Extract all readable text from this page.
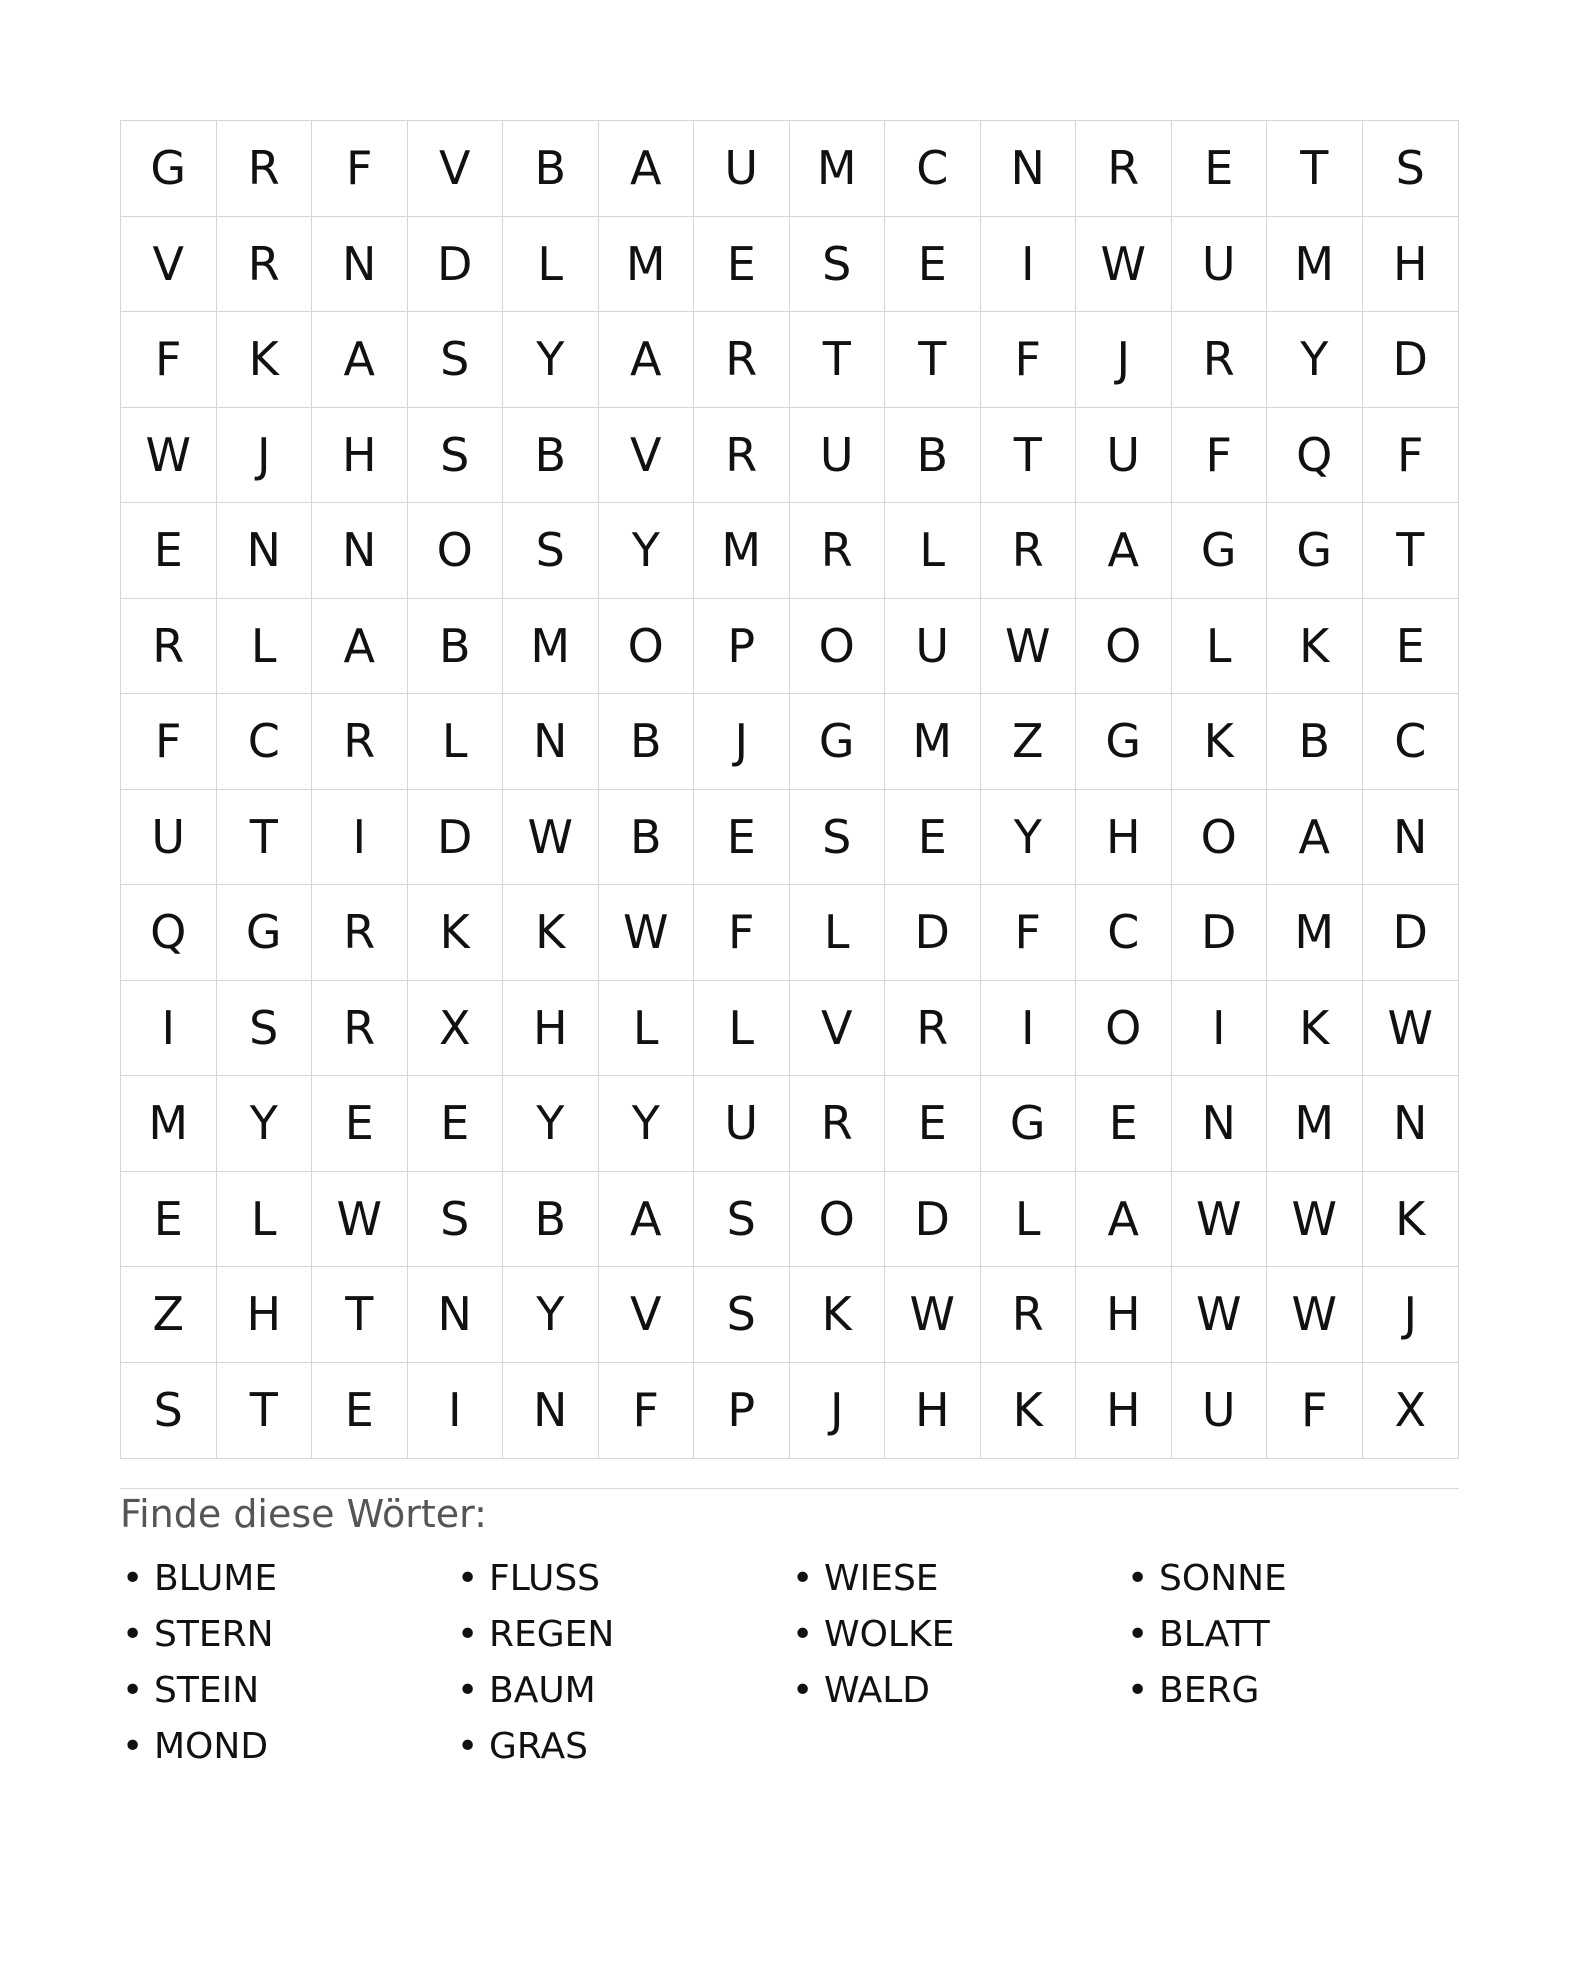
G	R	F	V	B	A	U	M	C	N	R	E	T	S
V	R	N	D	L	M	E	S	E	I	W	U	M	H
F	K	A	S	Y	A	R	T	T	F	J	R	Y	D
W	J	H	S	B	V	R	U	B	T	U	F	Q	F
E	N	N	O	S	Y	M	R	L	R	A	G	G	T
R	L	A	B	M	O	P	O	U	W	O	L	K	E
F	C	R	L	N	B	J	G	M	Z	G	K	B	C
U	T	I	D	W	B	E	S	E	Y	H	O	A	N
Q	G	R	K	K	W	F	L	D	F	C	D	M	D
I	S	R	X	H	L	L	V	R	I	O	I	K	W
M	Y	E	E	Y	Y	U	R	E	G	E	N	M	N
E	L	W	S	B	A	S	O	D	L	A	W	W	K
Z	H	T	N	Y	V	S	K	W	R	H	W	W	J
S	T	E	I	N	F	P	J	H	K	H	U	F	X
Finde diese Wörter:
• BLUME	• FLUSS	• WIESE	• SONNE
• STERN	• REGEN	• WOLKE	• BLATT
• STEIN	• BAUM	• WALD	• BERG
• MOND	• GRAS
